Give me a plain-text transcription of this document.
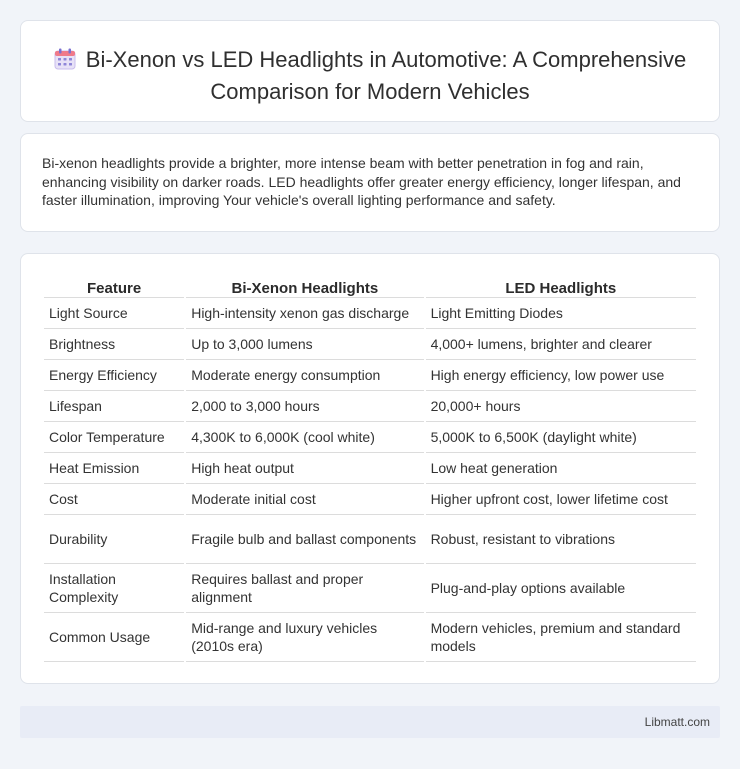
Bi-Xenon vs LED Headlights in Automotive: A Comprehensive Comparison for Modern Vehicles

Bi-xenon headlights provide a brighter, more intense beam with better penetration in fog and rain, enhancing visibility on darker roads. LED headlights offer greater energy efficiency, longer lifespan, and faster illumination, improving Your vehicle's overall lighting performance and safety.

Feature	Bi-Xenon Headlights	LED Headlights
Light Source	High-intensity xenon gas discharge	Light Emitting Diodes
Brightness	Up to 3,000 lumens	4,000+ lumens, brighter and clearer
Energy Efficiency	Moderate energy consumption	High energy efficiency, low power use
Lifespan	2,000 to 3,000 hours	20,000+ hours
Color Temperature	4,300K to 6,000K (cool white)	5,000K to 6,500K (daylight white)
Heat Emission	High heat output	Low heat generation
Cost	Moderate initial cost	Higher upfront cost, lower lifetime cost
Durability	Fragile bulb and ballast components	Robust, resistant to vibrations
Installation Complexity	Requires ballast and proper alignment	Plug-and-play options available
Common Usage	Mid-range and luxury vehicles (2010s era)	Modern vehicles, premium and standard models
Libmatt.com
